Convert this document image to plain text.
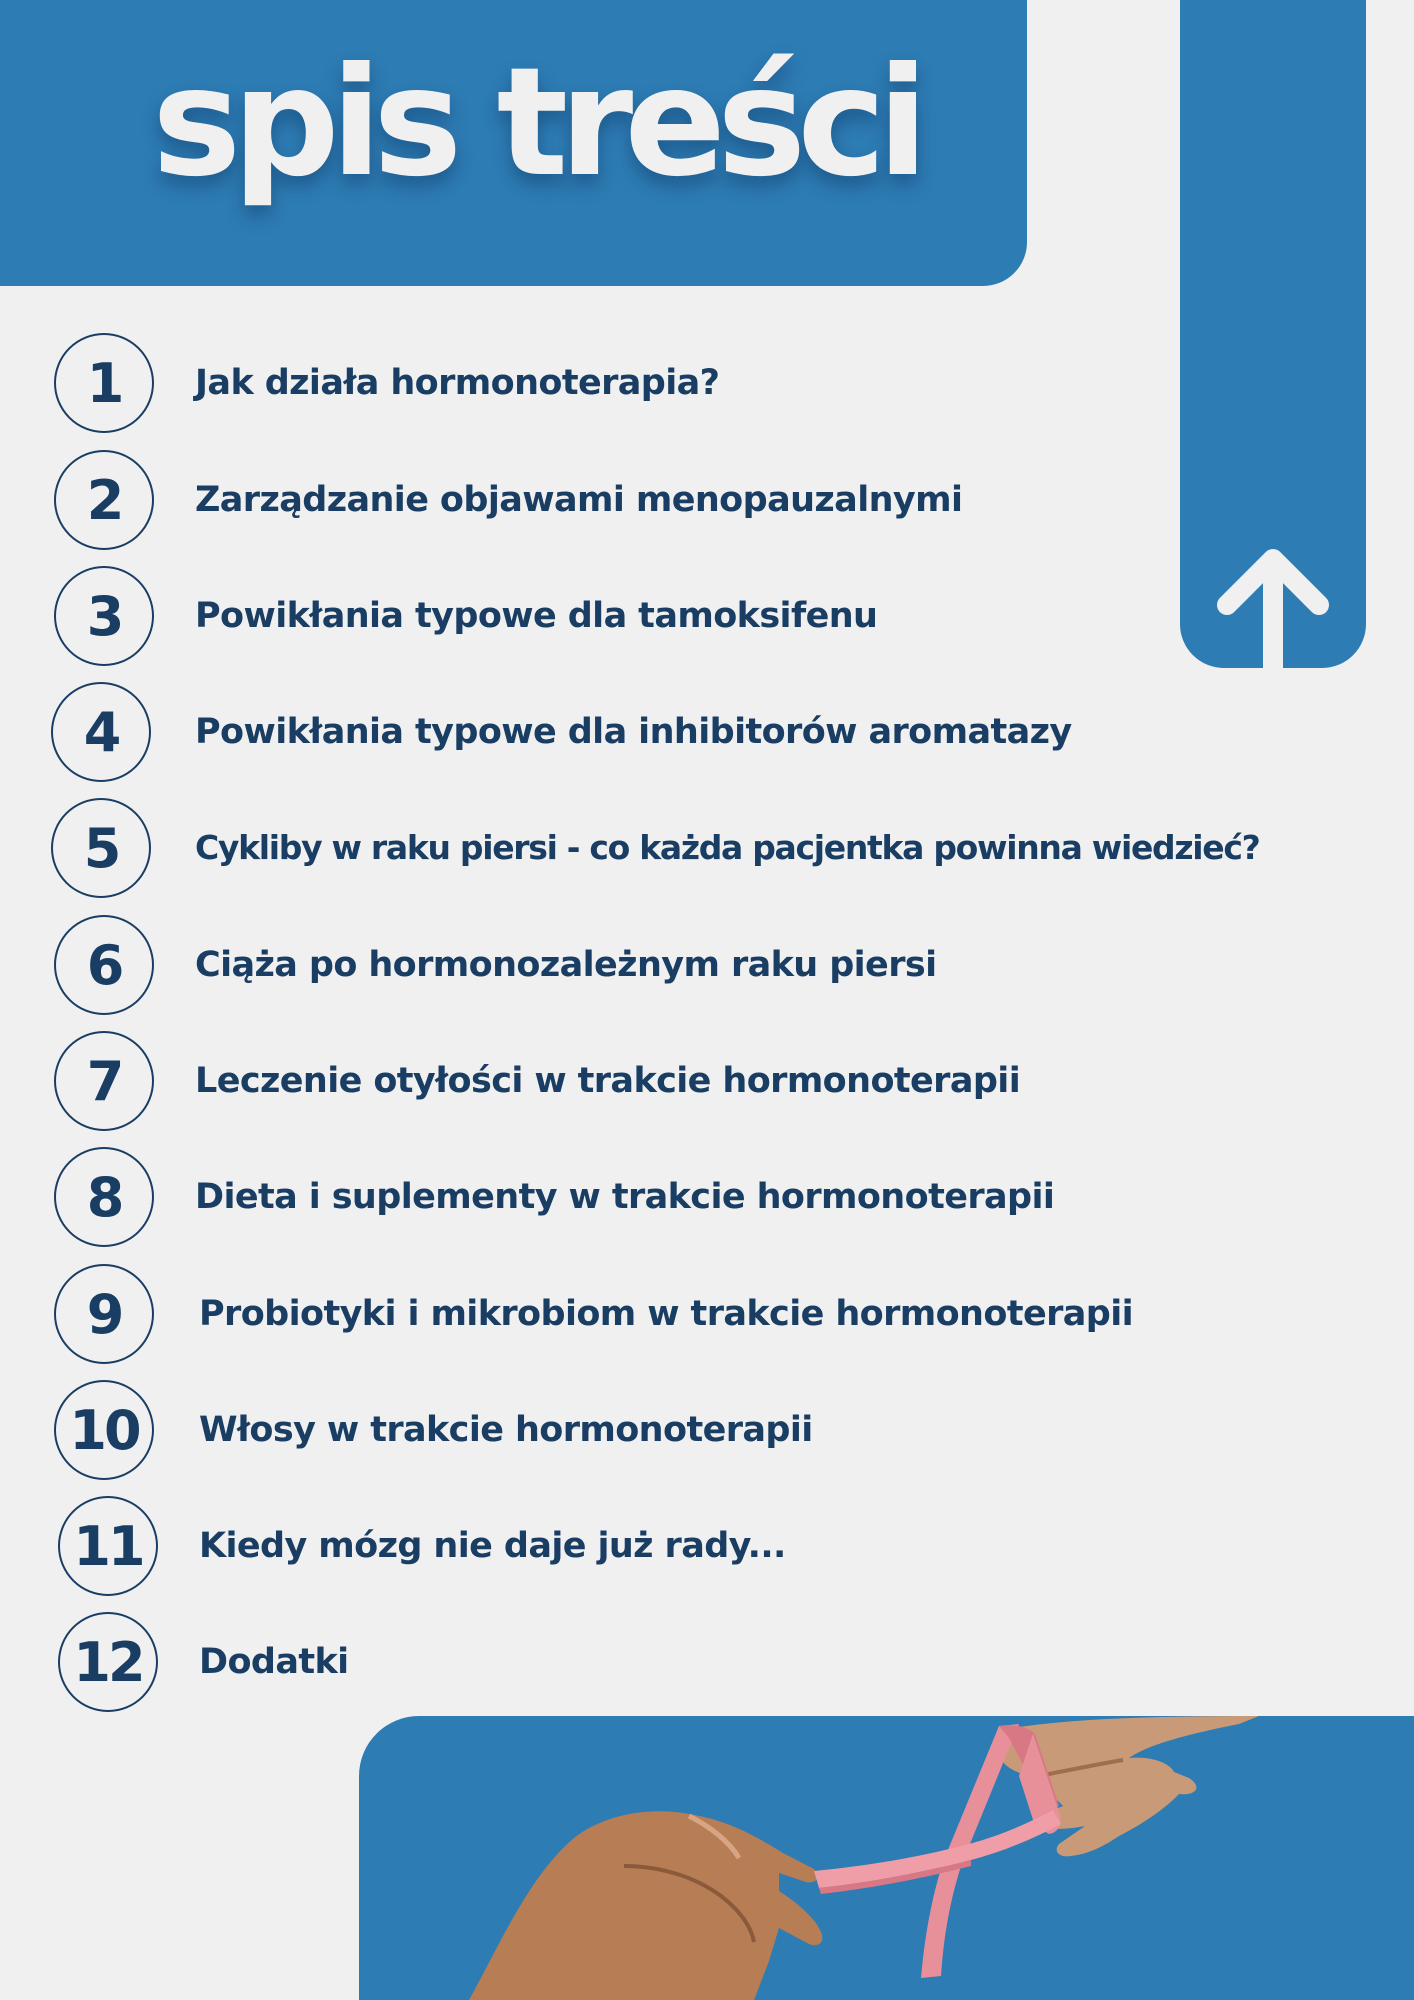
spis treści
1	Jak działa hormonoterapia?
2	Zarządzanie objawami menopauzalnymi
3	Powikłania typowe dla tamoksifenu
4	Powikłania typowe dla inhibitorów aromatazy
5	Cykliby w raku piersi - co każda pacjentka powinna wiedzieć?
6	Ciąża po hormonozależnym raku piersi
7	Leczenie otyłości w trakcie hormonoterapii
8	Dieta i suplementy w trakcie hormonoterapii
9	Probiotyki i mikrobiom w trakcie hormonoterapii
10	Włosy w trakcie hormonoterapii
11	Kiedy mózg nie daje już rady...
12	Dodatki
